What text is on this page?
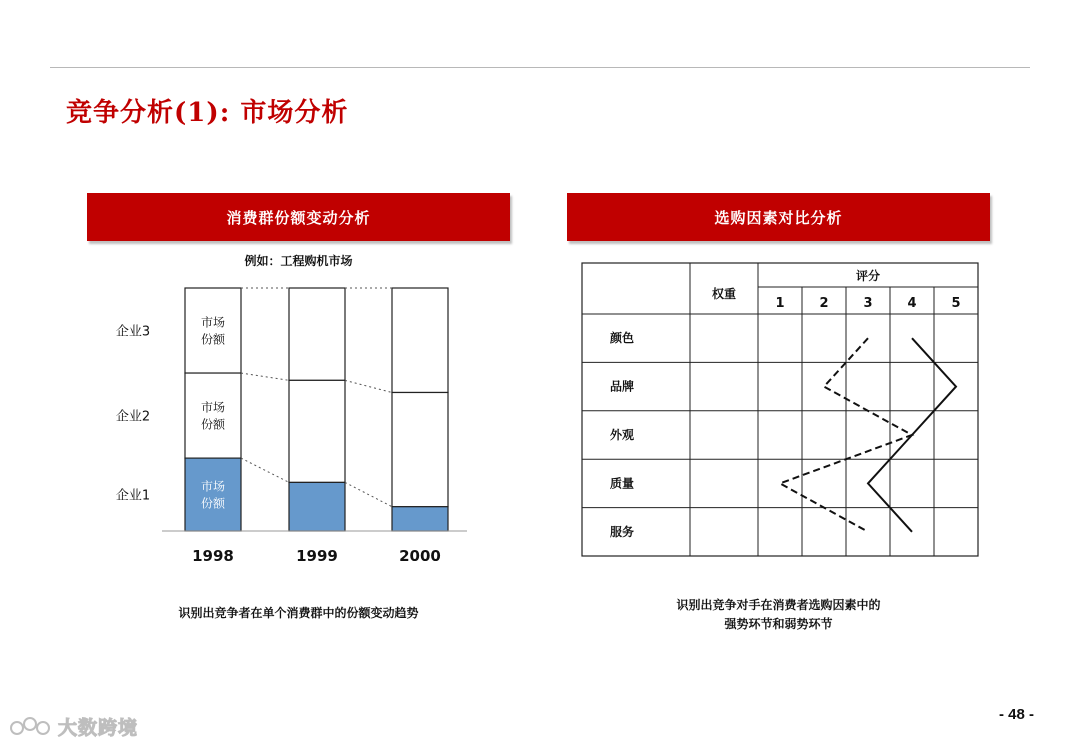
竞争分析(1): 市场分析
消费群份额变动分析
例如：工程购机市场
1998	1999	2000
市场
份额
市场
份额
市场
份额
企业3
企业2
企业1
识别出竞争者在单个消费群中的份额变动趋势
选购因素对比分析
权重
评分
1	2	3	4	5
颜色
品牌
外观
质量
服务
识别出竞争对手在消费者选购因素中的
强势环节和弱势环节
大数跨境
- 48 -
